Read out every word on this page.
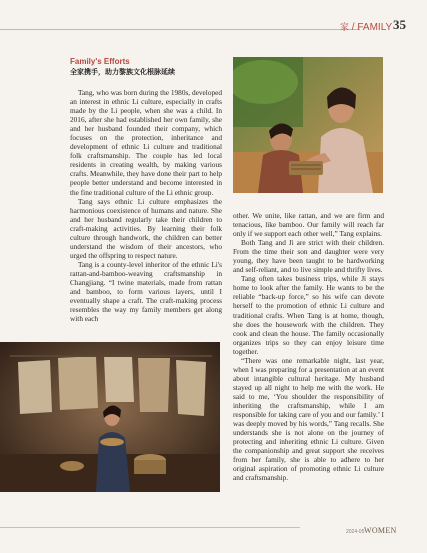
家 / FAMILY 35
Family's Efforts
全家携手，助力黎族文化根脉延续

Tang, who was born during the 1980s, developed an interest in ethnic Li culture, especially in crafts made by the Li people, when she was a child. In 2016, after she had established her own family, she and her husband founded their company, which focuses on the protection, inheritance and development of ethnic Li culture and traditional folk craftsmanship. The couple has led local residents in creating wealth, by making various crafts. Meanwhile, they have done their part to help people better understand and become interested in the fine traditional culture of the Li ethnic group.

Tang says ethnic Li culture emphasizes the harmonious coexistence of humans and nature. She and her husband regularly take their children to craft-making activities. By learning their folk culture through handwork, the children can better understand the wisdom of their ancestors, who urged the offspring to respect nature.

Tang is a county-level inheritor of the ethnic Li's rattan-and-bamboo-weaving craftsmanship in Changjiang. “I twine materials, made from rattan and bamboo, to form various layers, until I eventually shape a craft. The craft-making process resembles the way my family members get along with each

other. We unite, like rattan, and we are firm and tenacious, like bamboo. Our family will reach far only if we support each other well,” Tang explains.

Both Tang and Ji are strict with their children. From the time their son and daughter were very young, they have been taught to be hardworking and self-reliant, and to live simple and thrifty lives.

Tang often takes business trips, while Ji stays home to look after the family. He wants to be the reliable “back-up force,” so his wife can devote herself to the promotion of ethnic Li culture and traditional crafts. When Tang is at home, though, she does the housework with the children. They cook and clean the house. The family occasionally organizes trips so they can enjoy leisure time together.

“There was one remarkable night, last year, when I was preparing for a presentation at an event about intangible cultural heritage. My husband stayed up all night to help me with the work. He said to me, ‘You shoulder the responsibility of inheriting the craftsmanship, while I am responsible for taking care of you and our family.’ I was deeply moved by his words,” Tang recalls. She understands she is not alone on the journey of protecting and inheriting ethnic Li culture. Given the companionship and great support she receives from her family, she is able to adhere to her original aspiration of promoting ethnic Li culture and craftsmanship.

2024-05 WOMEN
